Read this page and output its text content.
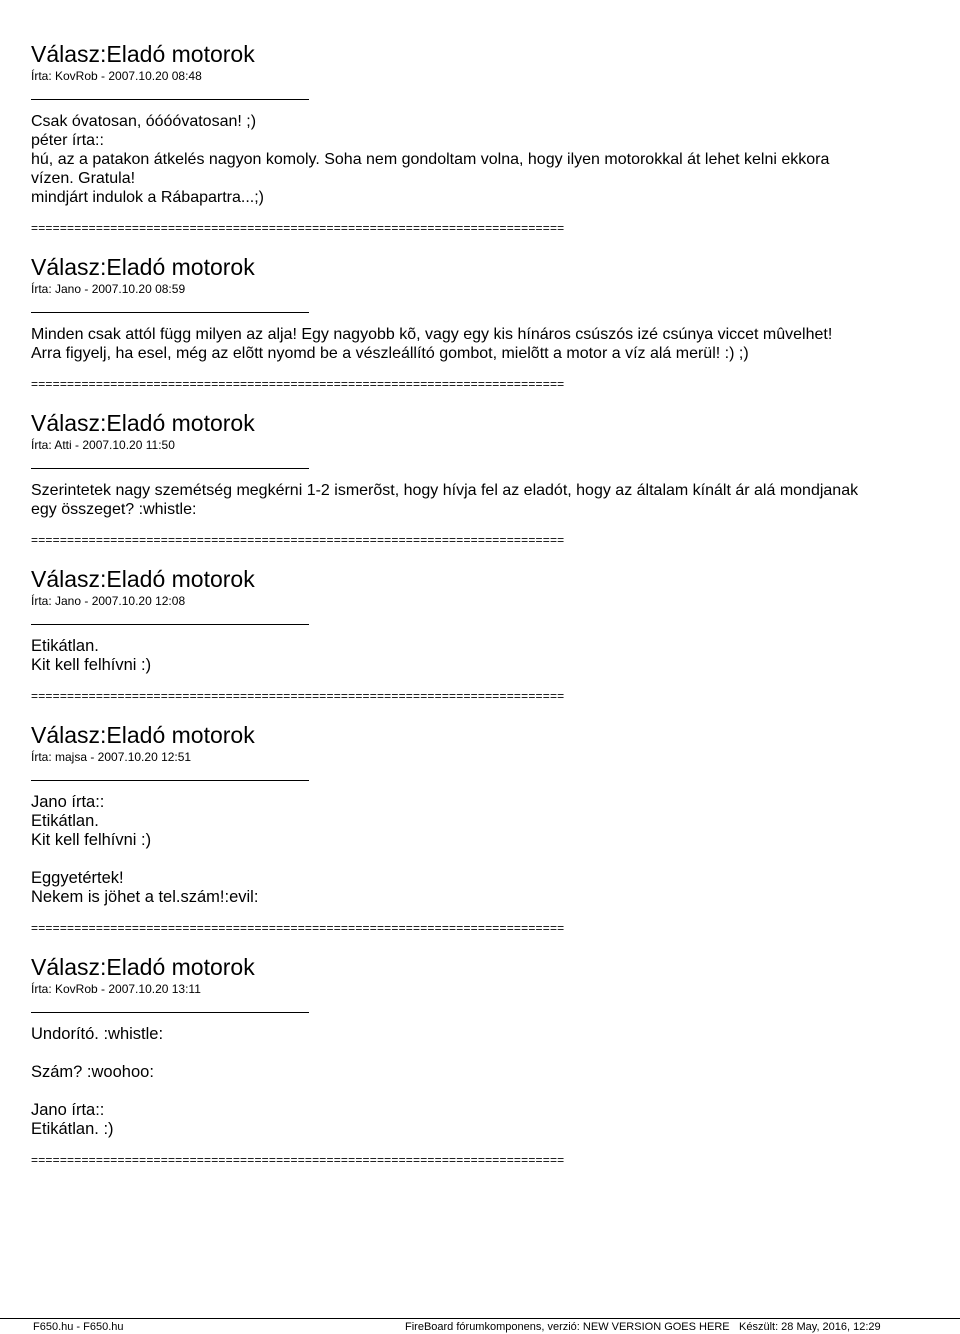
Válasz:Eladó motorok
Írta: KovRob - 2007.10.20 08:48
Csak óvatosan, óóóóvatosan! ;)
péter írta::
hú, az a patakon átkelés nagyon komoly. Soha nem gondoltam volna, hogy ilyen motorokkal át lehet kelni ekkora
vízen. Gratula!
mindjárt indulok a Rábapartra...;)
==========================================================================
Válasz:Eladó motorok
Írta: Jano - 2007.10.20 08:59
Minden csak attól függ milyen az alja! Egy nagyobb kõ, vagy egy kis hínáros csúszós izé csúnya viccet mûvelhet!
Arra figyelj, ha esel, még az elõtt nyomd be a vészleállító gombot, mielõtt a motor a víz alá merül! :) ;)
==========================================================================
Válasz:Eladó motorok
Írta: Atti - 2007.10.20 11:50
Szerintetek nagy szemétség megkérni 1-2 ismerõst, hogy hívja fel az eladót, hogy az általam kínált ár alá mondjanak
egy összeget? :whistle:
==========================================================================
Válasz:Eladó motorok
Írta: Jano - 2007.10.20 12:08
Etikátlan.
Kit kell felhívni :)
==========================================================================
Válasz:Eladó motorok
Írta: majsa - 2007.10.20 12:51
Jano írta::
Etikátlan.
Kit kell felhívni :)
Eggyetértek!
Nekem is jöhet a tel.szám!:evil:
==========================================================================
Válasz:Eladó motorok
Írta: KovRob - 2007.10.20 13:11
Undorító. :whistle:
Szám? :woohoo:
Jano írta::
Etikátlan. :)
==========================================================================
F650.hu - F650.hu	FireBoard fórumkomponens, verzió: NEW VERSION GOES HERE Készült: 28 May, 2016, 12:29
